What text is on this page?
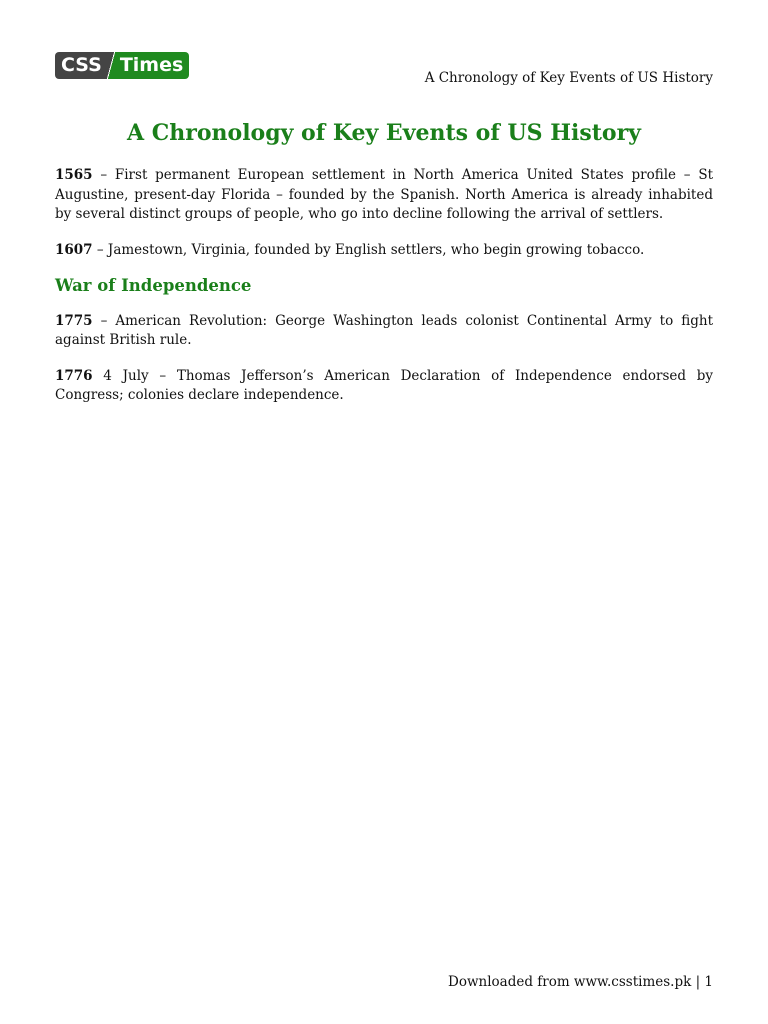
CSS Times
A Chronology of Key Events of US History
A Chronology of Key Events of US History

1565 – First permanent European settlement in North America United States profile – St Augustine, present-day Florida – founded by the Spanish. North America is already inhabited by several distinct groups of people, who go into decline following the arrival of settlers.

1607 – Jamestown, Virginia, founded by English settlers, who begin growing tobacco.

War of Independence

1775 – American Revolution: George Washington leads colonist Continental Army to fight against British rule.

1776 4 July – Thomas Jefferson’s American Declaration of Independence endorsed by Congress; colonies declare independence.

Downloaded from www.csstimes.pk | 1
